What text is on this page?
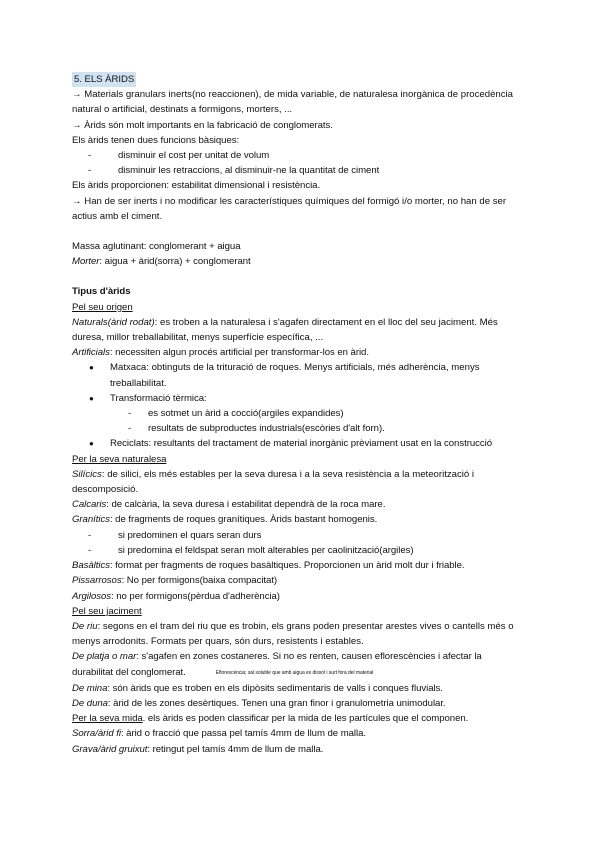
5. ELS ÀRIDS
→ Materials granulars inerts(no reaccionen), de mida variable, de naturalesa inorgànica de procedència natural o artificial, destinats a formigons, morters, ...
→ Àrids són molt importants en la fabricació de conglomerats.
Els àrids tenen dues funcions bàsiques:
-	disminuir el cost per unitat de volum
-	disminuir les retraccions, al disminuir-ne la quantitat de ciment
Els àrids proporcionen: estabilitat dimensional i resistència.
→ Han de ser inerts i no modificar les característiques químiques del formigó i/o morter, no han de ser actius amb el ciment.
Massa aglutinant: conglomerant + aigua
Morter: aigua + àrid(sorra) + conglomerant
Tipus d'àrids
Pel seu origen
Naturals(àrid rodat): es troben a la naturalesa i s'agafen directament en el lloc del seu jaciment. Més duresa, millor treballabilitat, menys superfície específica, ...
Artificials: necessiten algun procés artificial per transformar-los en àrid.
● Matxaca: obtinguts de la trituració de roques. Menys artificials, més adherència, menys treballabilitat.
● Transformació tèrmica:
- es sotmet un àrid a cocció(argiles expandides)
- resultats de subproductes industrials(escòries d'alt forn).
● Reciclats: resultants del tractament de material inorgànic prèviament usat en la construcció
Per la seva naturalesa
Silícics: de silici, els més estables per la seva duresa i a la seva resistència a la meteorització i descomposició.
Calcaris: de calcària, la seva duresa i estabilitat dependrà de la roca mare.
Granítics: de fragments de roques granítiques. Àrids bastant homogenis.
-	si predominen el quars seran durs
-	si predomina el feldspat seran molt alterables per caolinització(argiles)
Basàltics: format per fragments de roques basàltiques. Proporcionen un àrid molt dur i friable.
Pissarrosos: No per formigons(baixa compacitat)
Argilosos: no per formigons(pèrdua d'adherència)
Pel seu jaciment
De riu: segons en el tram del riu que es trobin, els grans poden presentar arestes vives o cantells més o menys arrodonits. Formats per quars, són durs, resistents i estables.
De platja o mar: s'agafen en zones costaneres. Si no es renten, causen eflorescències i afectar la
durabilitat del conglomerat.	Eflorescència; sal soluble que amb aigua es dissol i surt fora del material
De mina: són àrids que es troben en els dipòsits sedimentaris de valls i conques fluvials.
De duna: àrid de les zones desèrtiques. Tenen una gran finor i granulometria unimodular.
Per la seva mida. els àrids es poden classificar per la mida de les partícules que el componen.
Sorra/àrid fi: àrid o fracció que passa pel tamís 4mm de llum de malla.
Grava/àrid gruixut: retingut pel tamís 4mm de llum de malla.
